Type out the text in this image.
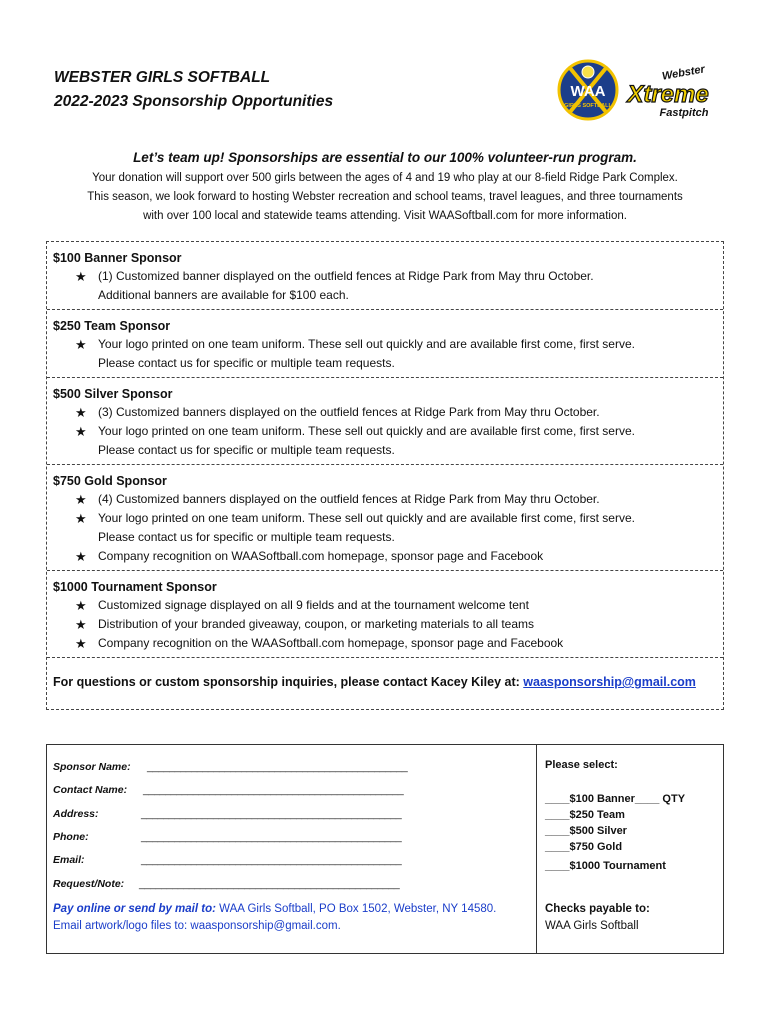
WEBSTER GIRLS SOFTBALL
2022-2023 Sponsorship Opportunities
WAA
GIRLS SOFTBALL
Webster
Xtreme
Fastpitch

Let’s team up! Sponsorships are essential to our 100% volunteer-run program.

Your donation will support over 500 girls between the ages of 4 and 19 who play at our 8-field Ridge Park Complex.

This season, we look forward to hosting Webster recreation and school teams, travel leagues, and three tournaments

with over 100 local and statewide teams attending. Visit WAASoftball.com for more information.

$100 Banner Sponsor
★ (1) Customized banner displayed on the outfield fences at Ridge Park from May thru October.
Additional banners are available for $100 each.
$250 Team Sponsor
★ Your logo printed on one team uniform. These sell out quickly and are available first come, first serve.
Please contact us for specific or multiple team requests.
$500 Silver Sponsor
★ (3) Customized banners displayed on the outfield fences at Ridge Park from May thru October.
★ Your logo printed on one team uniform. These sell out quickly and are available first come, first serve.
Please contact us for specific or multiple team requests.
$750 Gold Sponsor
★ (4) Customized banners displayed on the outfield fences at Ridge Park from May thru October.
★ Your logo printed on one team uniform. These sell out quickly and are available first come, first serve.
Please contact us for specific or multiple team requests.
★ Company recognition on WAASoftball.com homepage, sponsor page and Facebook
$1000 Tournament Sponsor
★ Customized signage displayed on all 9 fields and at the tournament welcome tent
★ Distribution of your branded giveaway, coupon, or marketing materials to all teams
★ Company recognition on the WAASoftball.com homepage, sponsor page and Facebook
For questions or custom sponsorship inquiries, please contact Kacey Kiley at: waasponsorship@gmail.com
Sponsor Name: _______________________________________________
Contact Name: _______________________________________________
Address:	_______________________________________________
Phone:	_______________________________________________
Email:	_______________________________________________
Request/Note: _______________________________________________
Pay online or send by mail to: WAA Girls Softball, PO Box 1502, Webster, NY 14580.
Email artwork/logo files to: waasponsorship@gmail.com.
Please select:
____$100 Banner____ QTY
____$250 Team
____$500 Silver
____$750 Gold
____$1000 Tournament
Checks payable to:
WAA Girls Softball
